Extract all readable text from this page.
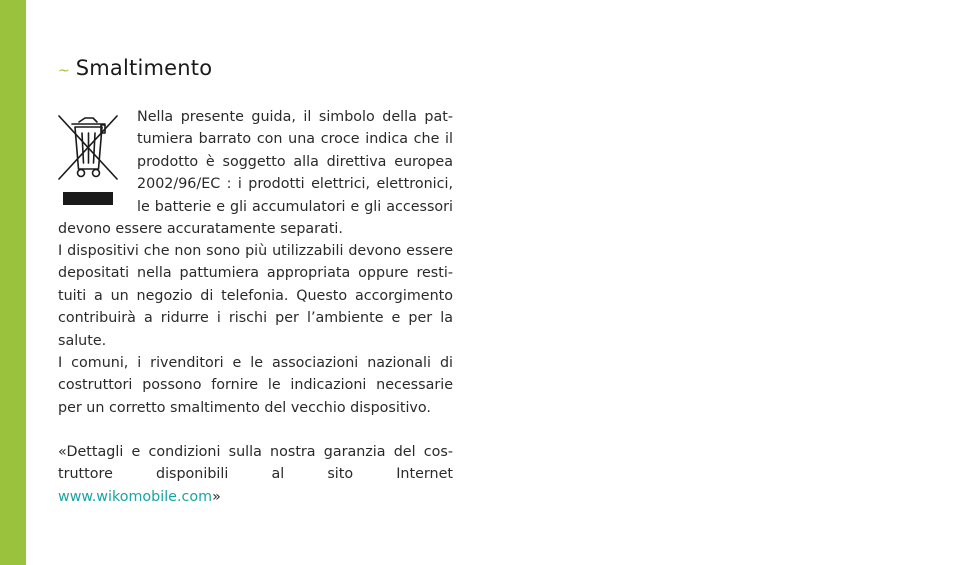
~ Smaltimento

Nella presente guida, il simbolo della pat-
tumiera barrato con una croce indica che il
prodotto è soggetto alla direttiva europea
2002/96/EC : i prodotti elettrici, elettronici,
le batterie e gli accumulatori e gli accessori

devono essere accuratamente separati.

I dispositivi che non sono più utilizzabili devono essere depositati nella pattumiera appropriata oppure resti-tuiti a un negozio di telefonia. Questo accorgimento contribuirà a ridurre i rischi per l’ambiente e per la salute.

I comuni, i rivenditori e le associazioni nazionali di costruttori possono fornire le indicazioni necessarie per un corretto smaltimento del vecchio dispositivo.

«Dettagli e condizioni sulla nostra garanzia del cos-truttore disponibili al sito Internet www.wikomobile.com»
